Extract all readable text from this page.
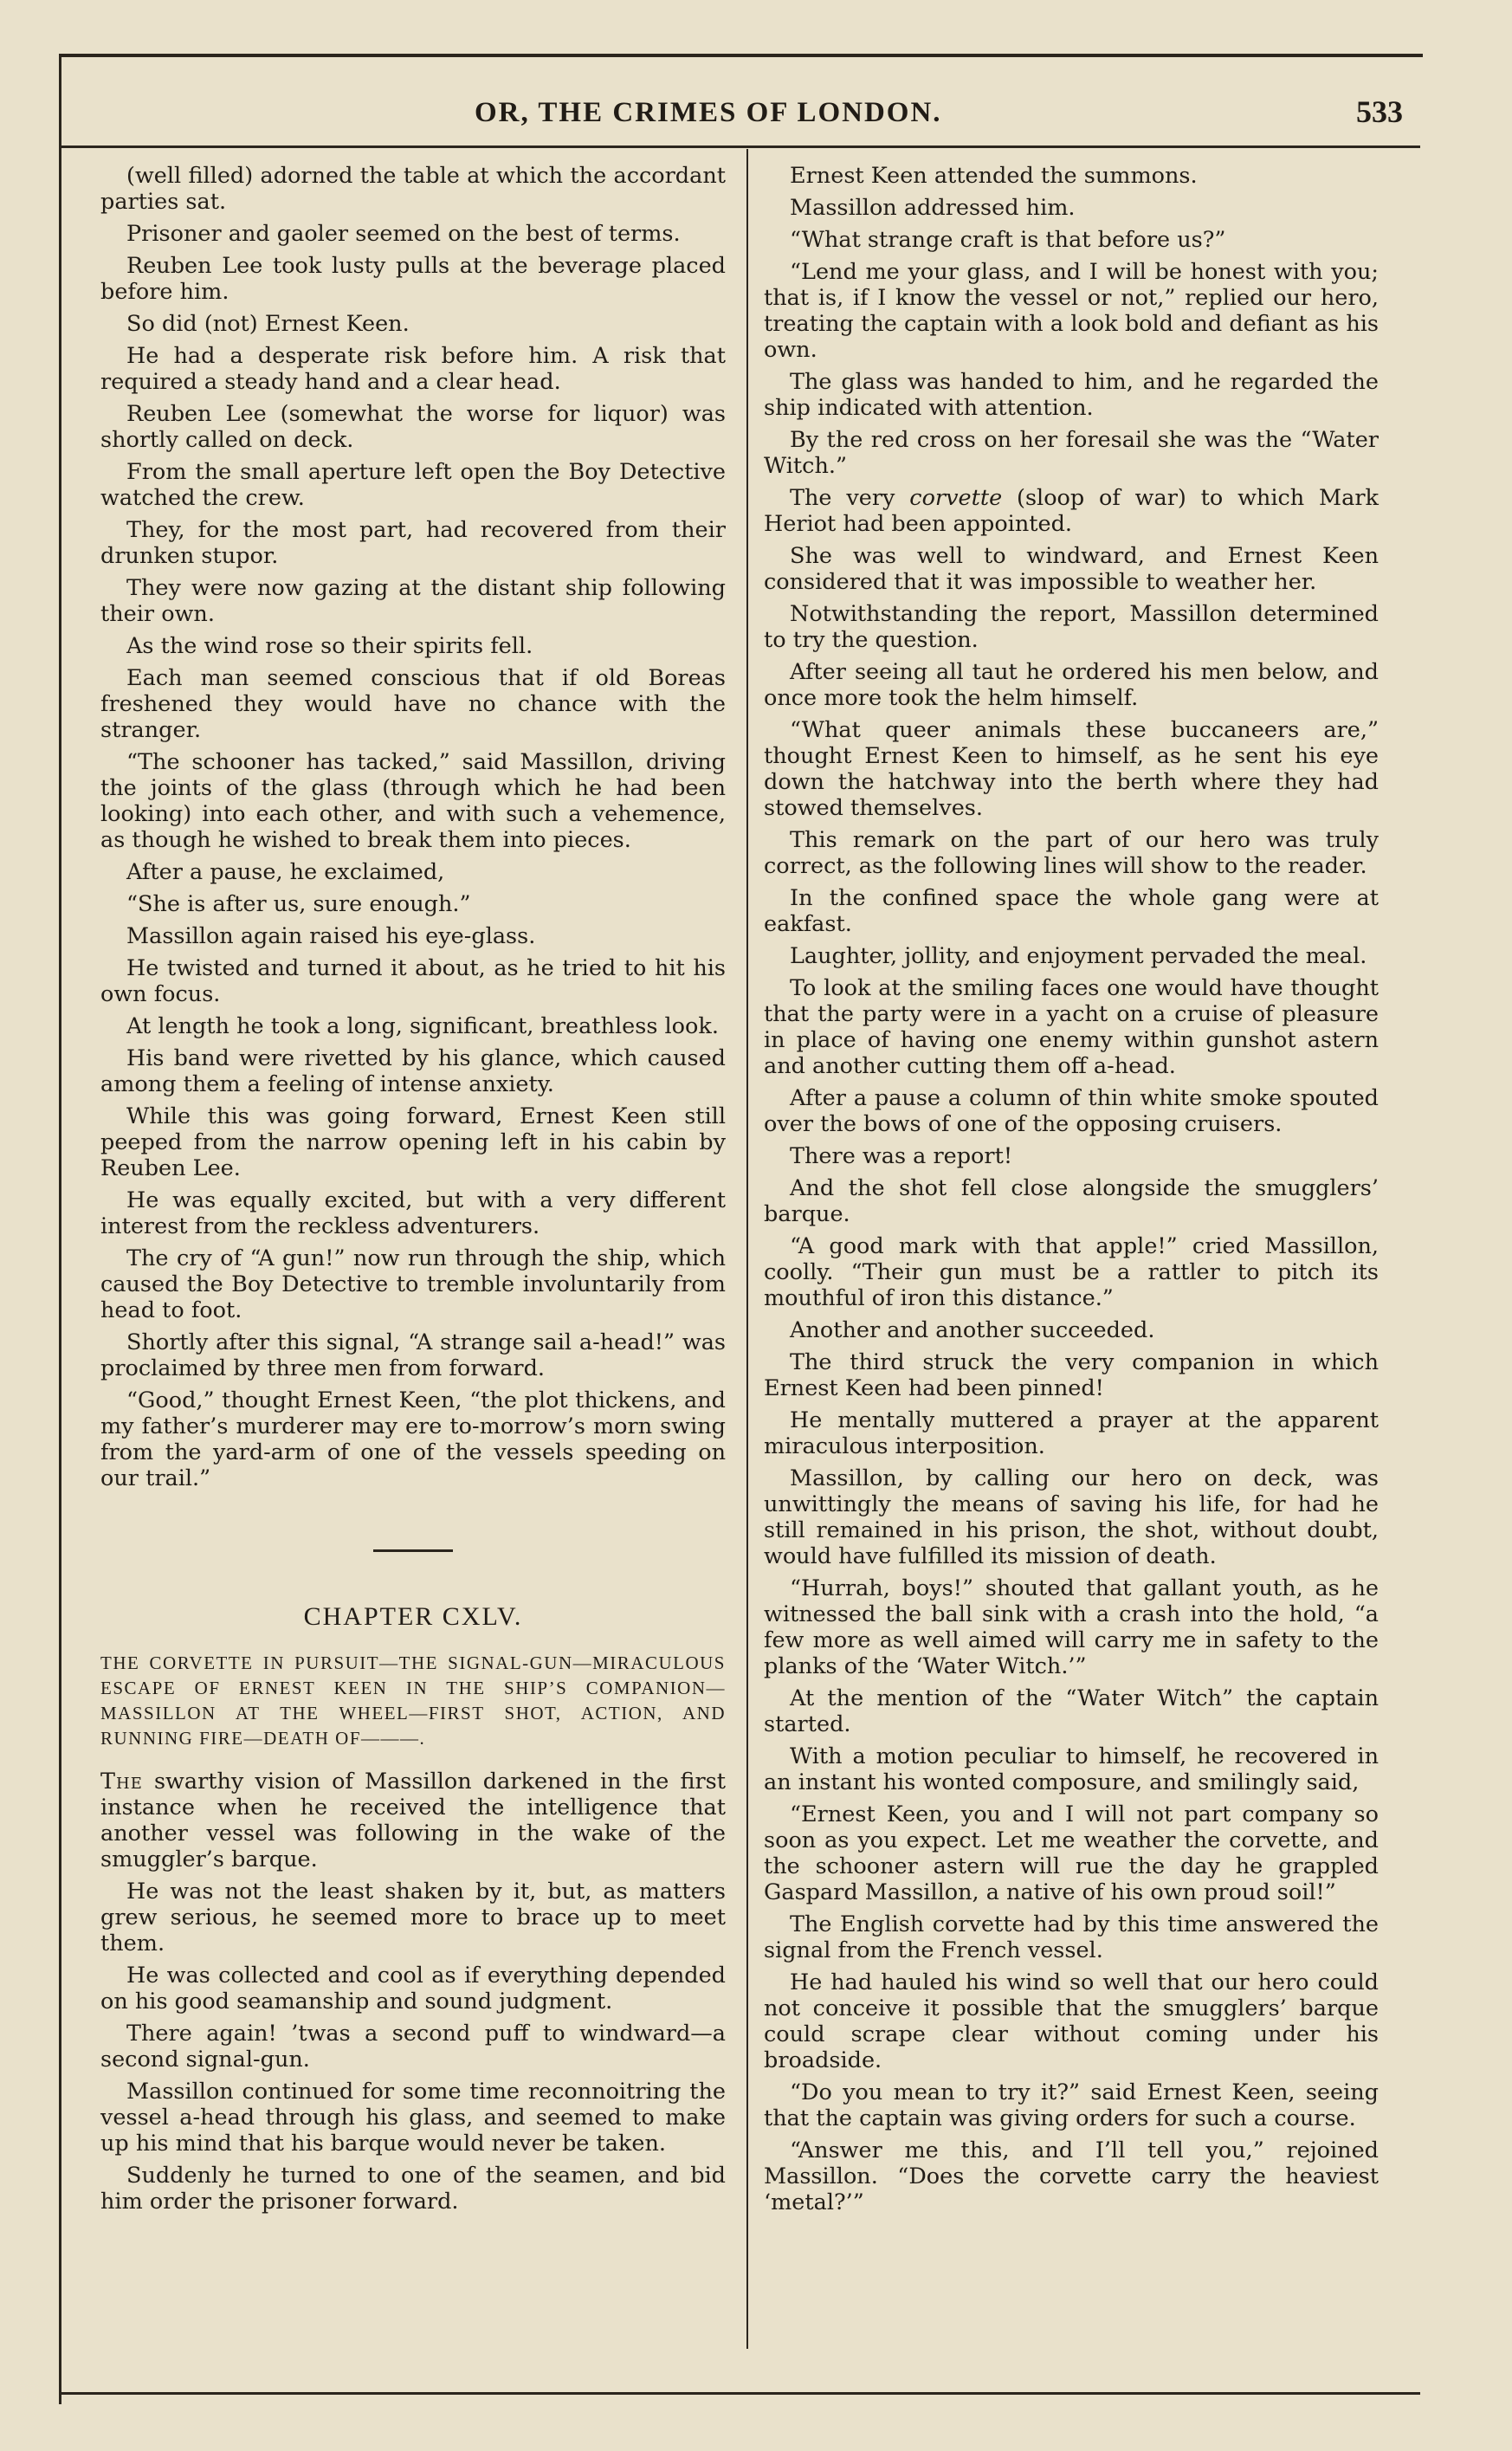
OR, THE CRIMES OF LONDON.	533

(well filled) adorned the table at which the accordant parties sat.

Prisoner and gaoler seemed on the best of terms.

Reuben Lee took lusty pulls at the beverage placed before him.

So did (not) Ernest Keen.

He had a desperate risk before him. A risk that required a steady hand and a clear head.

Reuben Lee (somewhat the worse for liquor) was shortly called on deck.

From the small aperture left open the Boy Detective watched the crew.

They, for the most part, had recovered from their drunken stupor.

They were now gazing at the distant ship following their own.

As the wind rose so their spirits fell.

Each man seemed conscious that if old Boreas freshened they would have no chance with the stranger.

“The schooner has tacked,” said Massillon, driving the joints of the glass (through which he had been looking) into each other, and with such a vehemence, as though he wished to break them into pieces.

After a pause, he exclaimed,

“She is after us, sure enough.”

Massillon again raised his eye-glass.

He twisted and turned it about, as he tried to hit his own focus.

At length he took a long, significant, breathless look.

His band were rivetted by his glance, which caused among them a feeling of intense anxiety.

While this was going forward, Ernest Keen still peeped from the narrow opening left in his cabin by Reuben Lee.

He was equally excited, but with a very different interest from the reckless adventurers.

The cry of “A gun!” now run through the ship, which caused the Boy Detective to tremble involuntarily from head to foot.

Shortly after this signal, “A strange sail a-head!” was proclaimed by three men from forward.

“Good,” thought Ernest Keen, “the plot thickens, and my father’s murderer may ere to-morrow’s morn swing from the yard-arm of one of the vessels speeding on our trail.”

CHAPTER CXLV.
THE CORVETTE IN PURSUIT—THE SIGNAL-GUN—MIRACULOUS ESCAPE OF ERNEST KEEN IN THE SHIP’S COMPANION—MASSILLON AT THE WHEEL—FIRST SHOT, ACTION, AND RUNNING FIRE—DEATH OF———.

The swarthy vision of Massillon darkened in the first instance when he received the intelligence that another vessel was following in the wake of the smuggler’s barque.

He was not the least shaken by it, but, as matters grew serious, he seemed more to brace up to meet them.

He was collected and cool as if everything depended on his good seamanship and sound judgment.

There again! ’twas a second puff to windward—a second signal-gun.

Massillon continued for some time reconnoitring the vessel a-head through his glass, and seemed to make up his mind that his barque would never be taken.

Suddenly he turned to one of the seamen, and bid him order the prisoner forward.

Ernest Keen attended the summons.

Massillon addressed him.

“What strange craft is that before us?”

“Lend me your glass, and I will be honest with you; that is, if I know the vessel or not,” replied our hero, treating the captain with a look bold and defiant as his own.

The glass was handed to him, and he regarded the ship indicated with attention.

By the red cross on her foresail she was the “Water Witch.”

The very corvette (sloop of war) to which Mark Heriot had been appointed.

She was well to windward, and Ernest Keen considered that it was impossible to weather her.

Notwithstanding the report, Massillon determined to try the question.

After seeing all taut he ordered his men below, and once more took the helm himself.

“What queer animals these buccaneers are,” thought Ernest Keen to himself, as he sent his eye down the hatchway into the berth where they had stowed themselves.

This remark on the part of our hero was truly correct, as the following lines will show to the reader.

In the confined space the whole gang were at eakfast.

Laughter, jollity, and enjoyment pervaded the meal.

To look at the smiling faces one would have thought that the party were in a yacht on a cruise of pleasure in place of having one enemy within gunshot astern and another cutting them off a-head.

After a pause a column of thin white smoke spouted over the bows of one of the opposing cruisers.

There was a report!

And the shot fell close alongside the smugglers’ barque.

“A good mark with that apple!” cried Massillon, coolly. “Their gun must be a rattler to pitch its mouthful of iron this distance.”

Another and another succeeded.

The third struck the very companion in which Ernest Keen had been pinned!

He mentally muttered a prayer at the apparent miraculous interposition.

Massillon, by calling our hero on deck, was unwittingly the means of saving his life, for had he still remained in his prison, the shot, without doubt, would have fulfilled its mission of death.

“Hurrah, boys!” shouted that gallant youth, as he witnessed the ball sink with a crash into the hold, “a few more as well aimed will carry me in safety to the planks of the ‘Water Witch.’”

At the mention of the “Water Witch” the captain started.

With a motion peculiar to himself, he recovered in an instant his wonted composure, and smilingly said,

“Ernest Keen, you and I will not part company so soon as you expect. Let me weather the corvette, and the schooner astern will rue the day he grappled Gaspard Massillon, a native of his own proud soil!”

The English corvette had by this time answered the signal from the French vessel.

He had hauled his wind so well that our hero could not conceive it possible that the smugglers’ barque could scrape clear without coming under his broadside.

“Do you mean to try it?” said Ernest Keen, seeing that the captain was giving orders for such a course.

“Answer me this, and I’ll tell you,” rejoined Massillon. “Does the corvette carry the heaviest ‘metal?’”
